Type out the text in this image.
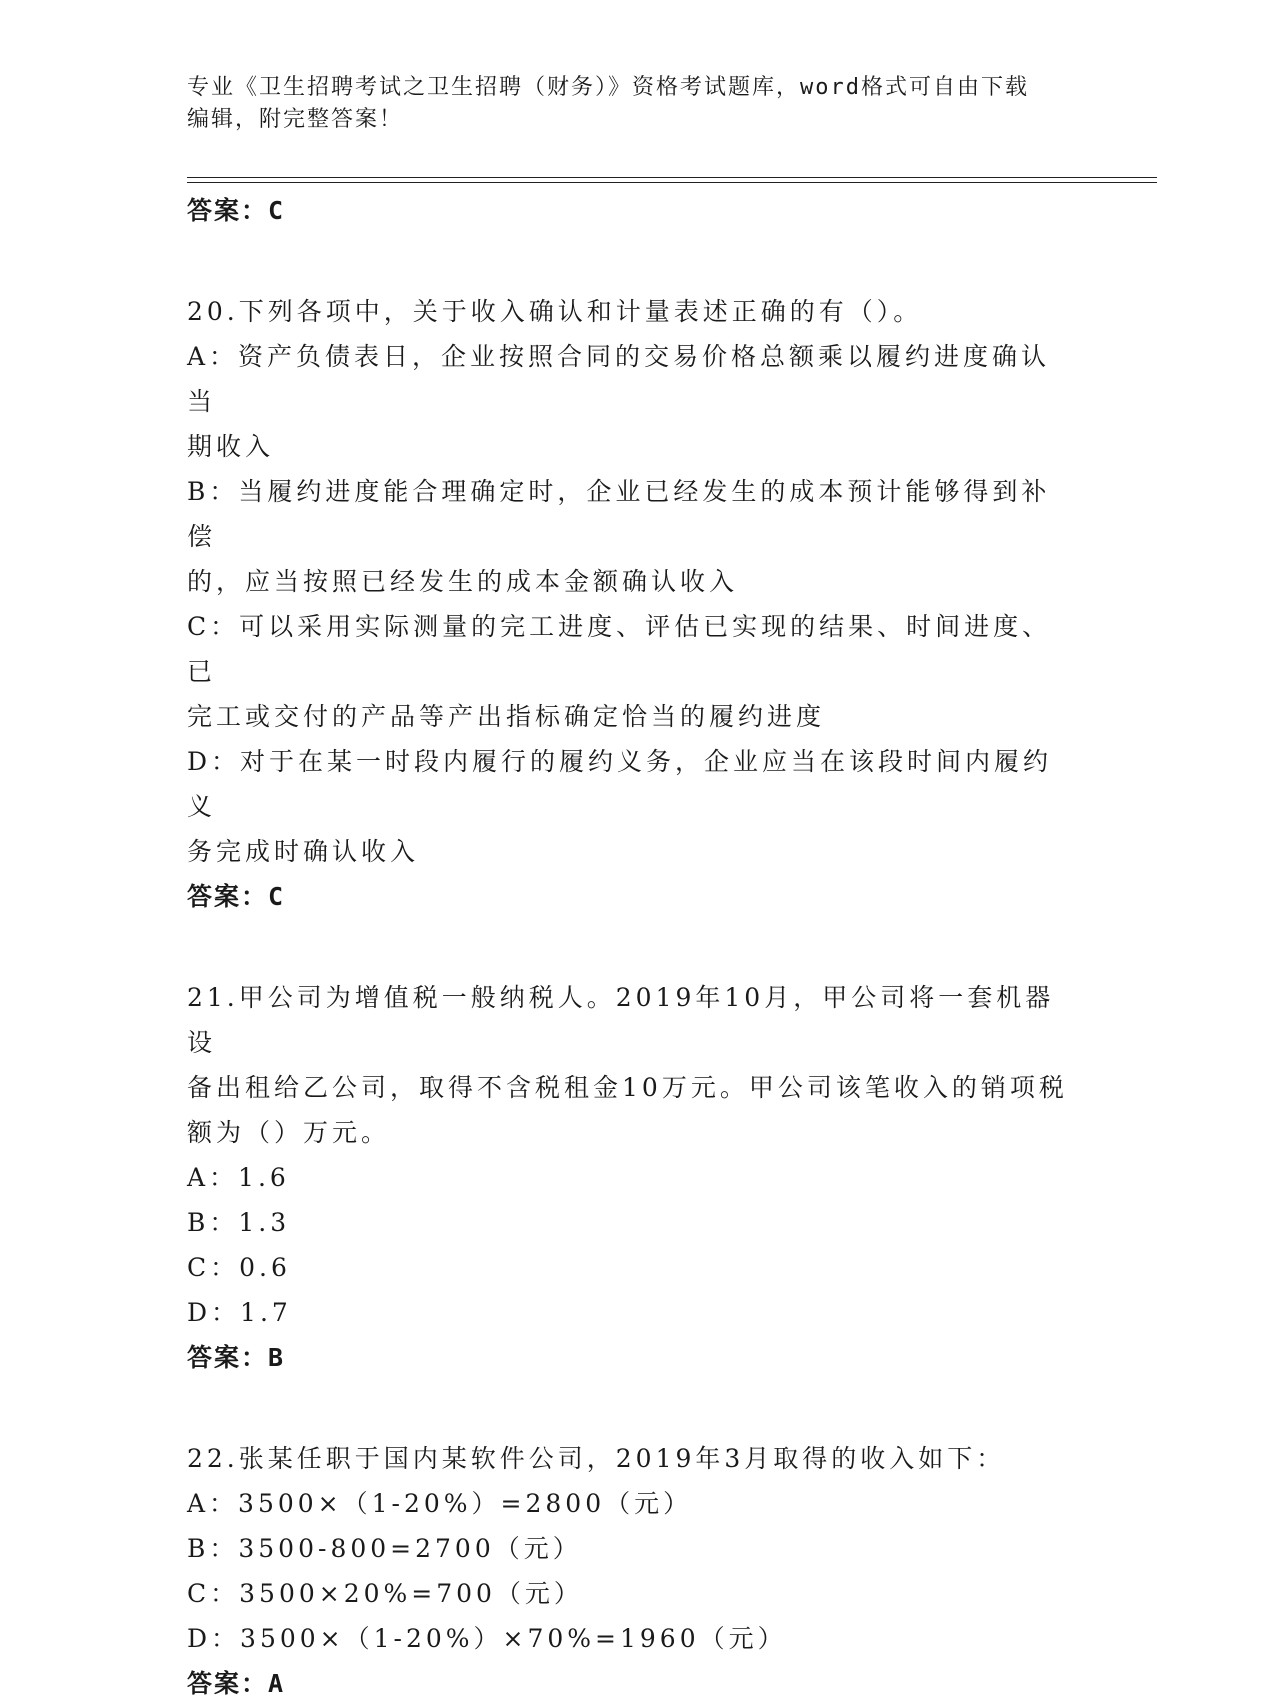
专业《卫生招聘考试之卫生招聘（财务）》资格考试题库，word格式可自由下载
编辑，附完整答案！
答案：C
20.下列各项中，关于收入确认和计量表述正确的有（）。
A：资产负债表日，企业按照合同的交易价格总额乘以履约进度确认当
期收入
B：当履约进度能合理确定时，企业已经发生的成本预计能够得到补偿
的，应当按照已经发生的成本金额确认收入
C：可以采用实际测量的完工进度、评估已实现的结果、时间进度、已
完工或交付的产品等产出指标确定恰当的履约进度
D：对于在某一时段内履行的履约义务，企业应当在该段时间内履约义
务完成时确认收入
答案：C
21.甲公司为增值税一般纳税人。2019年10月，甲公司将一套机器设
备出租给乙公司，取得不含税租金10万元。甲公司该笔收入的销项税
额为（）万元。
A：1.6
B：1.3
C：0.6
D：1.7
答案：B
22.张某任职于国内某软件公司，2019年3月取得的收入如下：
A：3500×（1-20%）=2800（元）
B：3500-800=2700（元）
C：3500×20%=700（元）
D：3500×（1-20%）×70%=1960（元）
答案：A
